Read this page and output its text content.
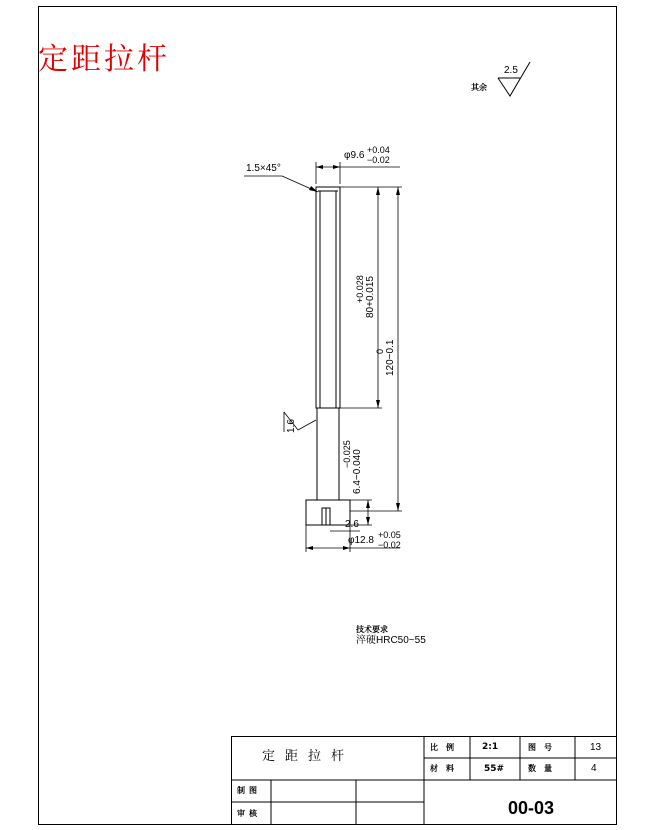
定距拉杆
其余
2.5
1.5×45°
φ9.6 +0.04
−0.02
80+0.015
+0.028
120−0.1
0
1.6
6.4−0.040
−0.025
2.6
φ12.8 +0.05
−0.02
技术要求
淬硬HRC50~55
定距拉杆
比例 2:1	图号	13
材料 55#	数量	4
制图
审核	00-03
